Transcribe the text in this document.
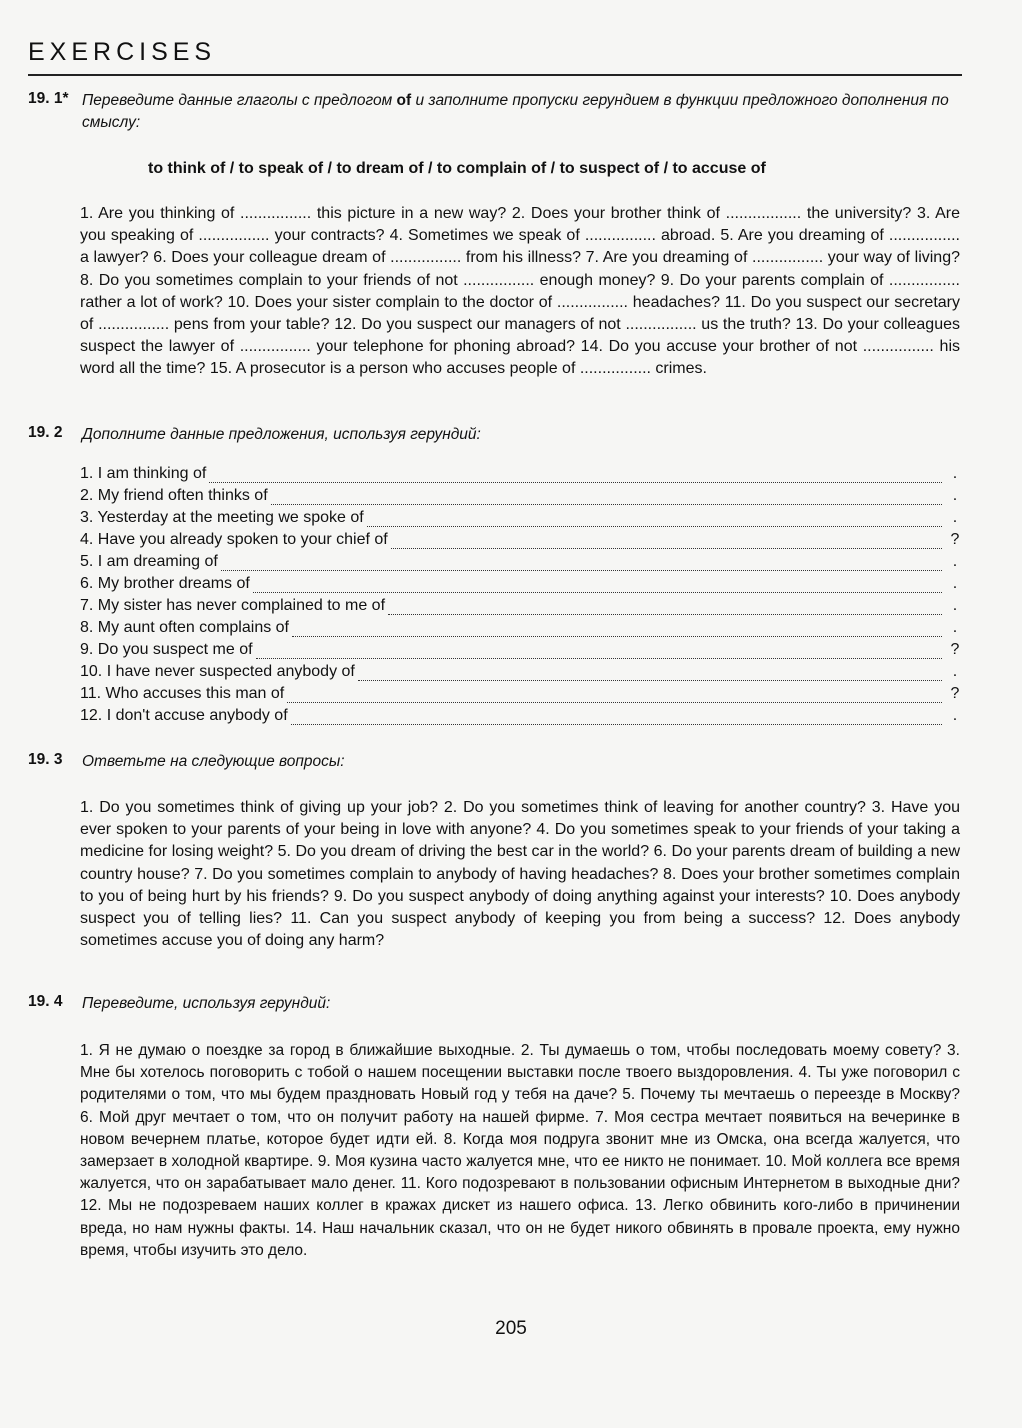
EXERCISES
19. 1* Переведите данные глаголы с предлогом of и заполните пропуски герундием в функции предложного дополнения по смыслу:
to think of / to speak of / to dream of / to complain of / to suspect of / to accuse of
1. Are you thinking of ................ this picture in a new way? 2. Does your brother think of ................. the university? 3. Are you speaking of ................ your contracts? 4. Sometimes we speak of ................ abroad. 5. Are you dreaming of ................ a lawyer? 6. Does your colleague dream of ................ from his illness? 7. Are you dreaming of ................ your way of living? 8. Do you sometimes complain to your friends of not ................ enough money? 9. Do your parents complain of ................ rather a lot of work? 10. Does your sister complain to the doctor of ................ headaches? 11. Do you suspect our secretary of ................ pens from your table? 12. Do you suspect our managers of not ................ us the truth? 13. Do your colleagues suspect the lawyer of ................ your telephone for phoning abroad? 14. Do you accuse your brother of not ................ his word all the time? 15. A prosecutor is a person who accuses people of ................ crimes.
19. 2 Дополните данные предложения, используя герундий:
1. I am thinking of	.
2. My friend often thinks of	.
3. Yesterday at the meeting we spoke of	.
4. Have you already spoken to your chief of	?
5. I am dreaming of	.
6. My brother dreams of	.
7. My sister has never complained to me of	.
8. My aunt often complains of	.
9. Do you suspect me of	?
10. I have never suspected anybody of	.
11. Who accuses this man of	?
12. I don't accuse anybody of	.
19. 3 Ответьте на следующие вопросы:
1. Do you sometimes think of giving up your job? 2. Do you sometimes think of leaving for another country? 3. Have you ever spoken to your parents of your being in love with anyone? 4. Do you sometimes speak to your friends of your taking a medicine for losing weight? 5. Do you dream of driving the best car in the world? 6. Do your parents dream of building a new country house? 7. Do you sometimes complain to anybody of having headaches? 8. Does your brother sometimes complain to you of being hurt by his friends? 9. Do you suspect anybody of doing anything against your interests? 10. Does anybody suspect you of telling lies? 11. Can you suspect anybody of keeping you from being a success? 12. Does anybody sometimes accuse you of doing any harm?
19. 4 Переведите, используя герундий:
1. Я не думаю о поездке за город в ближайшие выходные. 2. Ты думаешь о том, чтобы последовать моему совету? 3. Мне бы хотелось поговорить с тобой о нашем посещении выставки после твоего выздоровления. 4. Ты уже поговорил с родителями о том, что мы будем праздновать Новый год у тебя на даче? 5. Почему ты мечтаешь о переезде в Москву? 6. Мой друг мечтает о том, что он получит работу на нашей фирме. 7. Моя сестра мечтает появиться на вечеринке в новом вечернем платье, которое будет идти ей. 8. Когда моя подруга звонит мне из Омска, она всегда жалуется, что замерзает в холодной квартире. 9. Моя кузина часто жалуется мне, что ее никто не понимает. 10. Мой коллега все время жалуется, что он зарабатывает мало денег. 11. Кого подозревают в пользовании офисным Интернетом в выходные дни? 12. Мы не подозреваем наших коллег в кражах дискет из нашего офиса. 13. Легко обвинить кого-либо в причинении вреда, но нам нужны факты. 14. Наш начальник сказал, что он не будет никого обвинять в провале проекта, ему нужно время, чтобы изучить это дело.
205
